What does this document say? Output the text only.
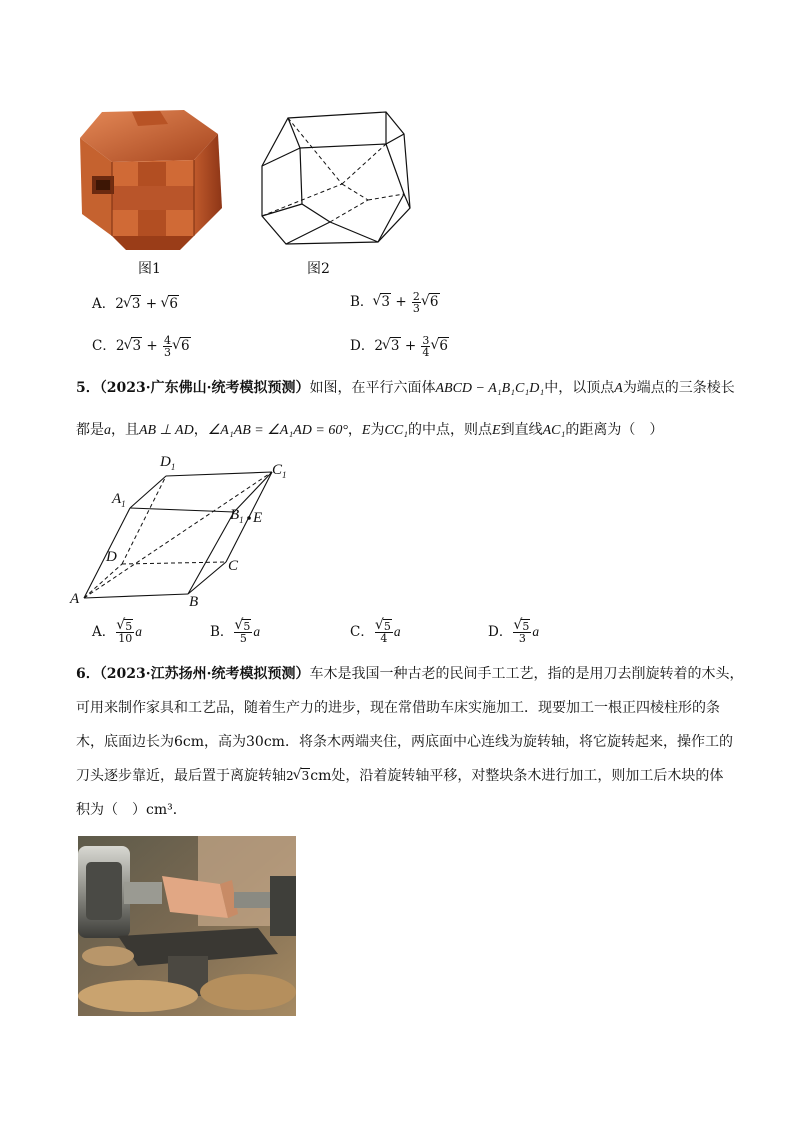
图1	图2
A．2 √ 3 + √ 6	B． √ $3 + \frac{2}{3}$ √ 6
C．2 √ $3 + \frac{4}{3}$ √ 6	D．2 √ $3 + \frac{3}{4}$ √ 6
5．（2023·广东佛山·统考模拟预测）如图，在平行六面体ABCD − A₁B₁C₁D₁中，以顶点A为端点的三条棱长
都是a，且AB ⊥ AD，∠A₁AB = ∠A₁AD = 60°，E为CC₁的中点，则点E到直线AC₁的距离为（　）
A	B
C
D
$A_1$
$D_1$	$C_1$
$B_1$ E
A． √ $\frac{5}{10}$ a	B． √ $\frac{5}{5}$ a	C． √ $\frac{5}{4}$ a	D． √ $\frac{5}{3}$ a
6．（2023·江苏扬州·统考模拟预测）车木是我国一种古老的民间手工工艺，指的是用刀去削旋转着的木头，
可用来制作家具和工艺品，随着生产力的进步，现在常借助车床实施加工．现要加工一根正四棱柱形的条
木，底面边长为6cm，高为30cm．将条木两端夹住，两底面中心连线为旋转轴，将它旋转起来，操作工的
刀头逐步靠近，最后置于离旋转轴2 √ 3cm处，沿着旋转轴平移，对整块条木进行加工，则加工后木块的体
积为（　）cm³．
